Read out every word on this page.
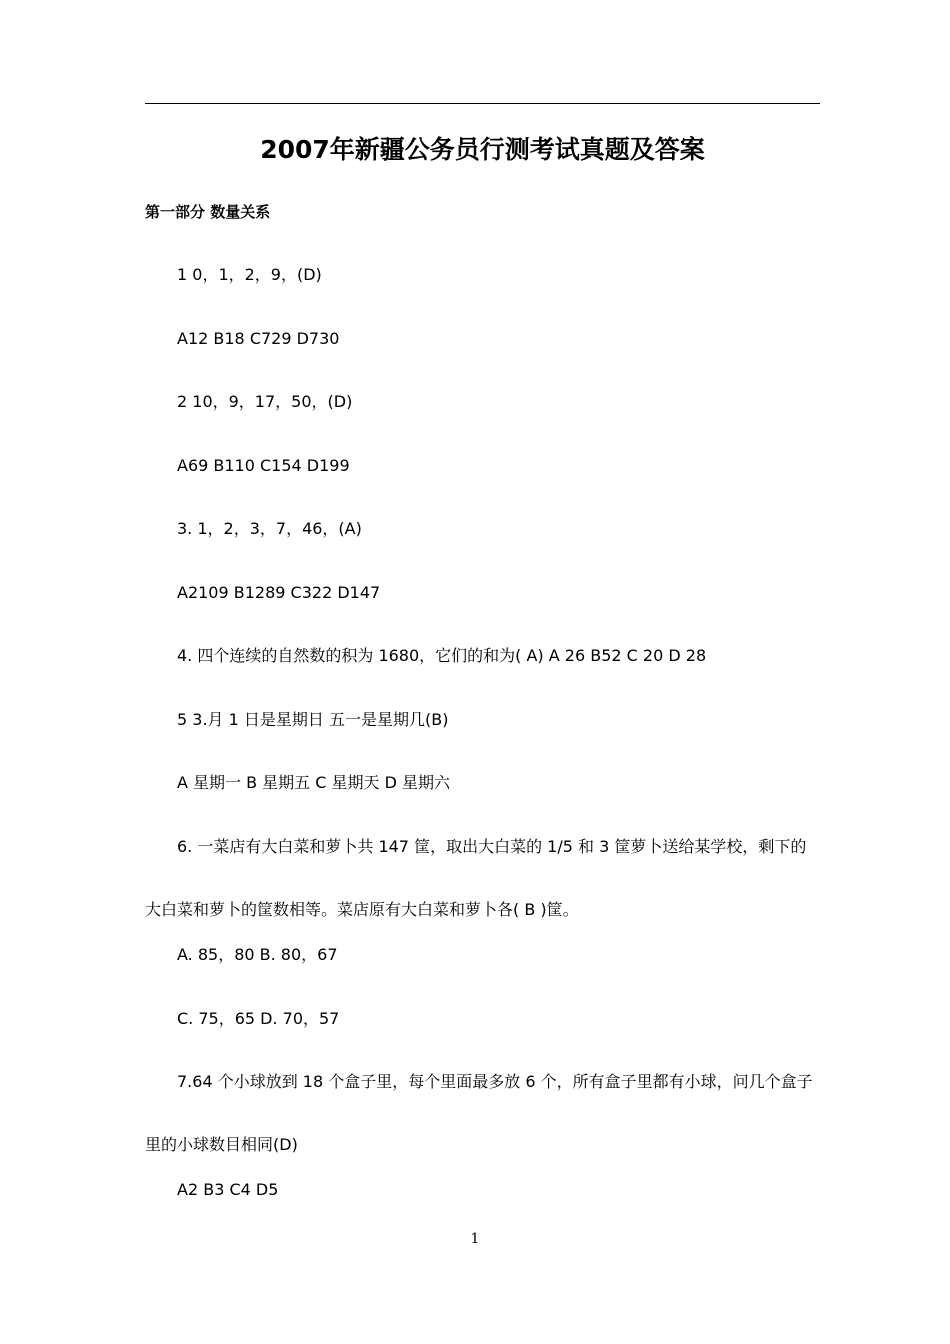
2007年新疆公务员行测考试真题及答案
第一部分 数量关系
1 0，1，2，9，(D)
A12 B18 C729 D730
2 10，9，17，50，(D)
A69 B110 C154 D199
3. 1，2，3，7，46，(A)
A2109 B1289 C322 D147
4. 四个连续的自然数的积为 1680，它们的和为( A) A 26 B52 C 20 D 28
5 3.月 1 日是星期日 五一是星期几(B)
A 星期一 B 星期五 C 星期天 D 星期六
6. 一菜店有大白菜和萝卜共 147 筐，取出大白菜的 1/5 和 3 筐萝卜送给某学校，剩下的大白菜和萝卜的筐数相等。菜店原有大白菜和萝卜各( B )筐。
A. 85，80 B. 80，67
C. 75，65 D. 70，57
7.64 个小球放到 18 个盒子里，每个里面最多放 6 个，所有盒子里都有小球，问几个盒子里的小球数目相同(D)
A2 B3 C4 D5
1
